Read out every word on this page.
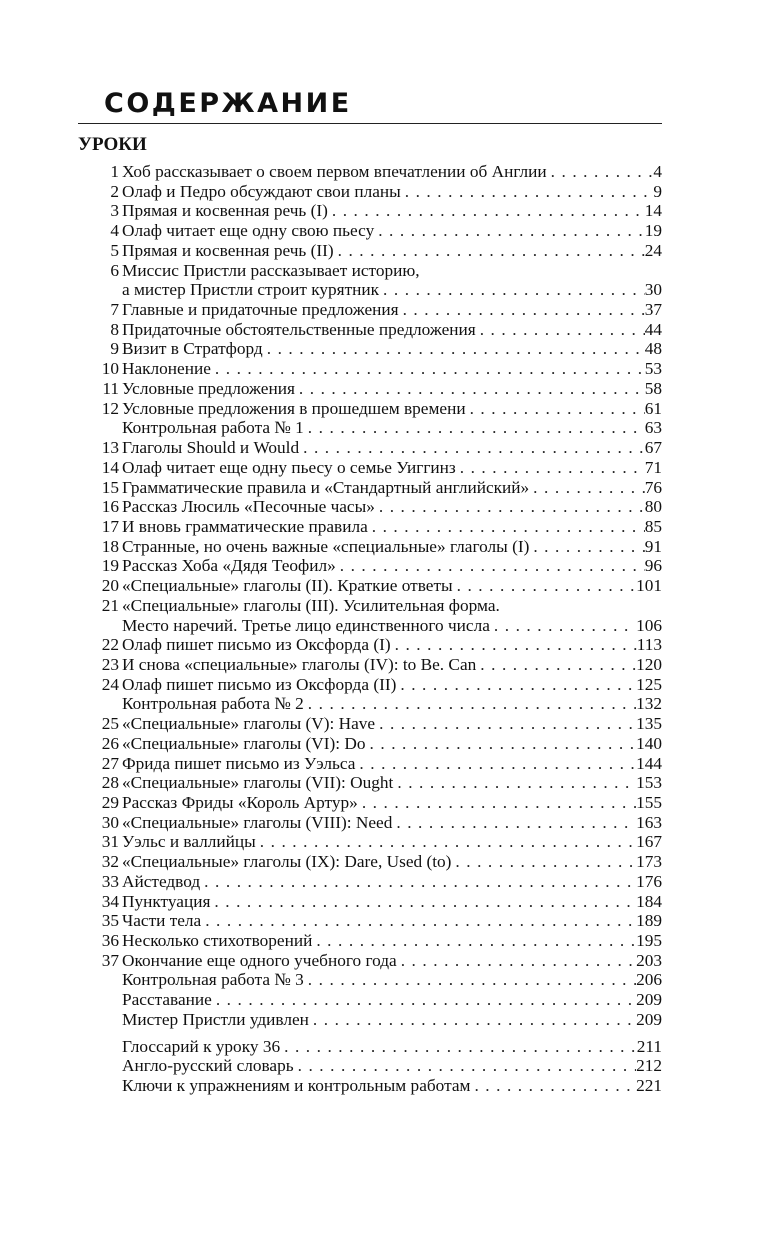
СОДЕРЖАНИЕ
УРОКИ
1 Хоб рассказывает о своем первом впечатлении об Англии . . .	4
2 Олаф и Педро обсуждают свои планы . . .	9
3 Прямая и косвенная речь (I) . . .	14
4 Олаф читает еще одну свою пьесу . . .	19
5 Прямая и косвенная речь (II) . . .	24
6 Миссис Пристли рассказывает историю,
а мистер Пристли строит курятник . . .	30
7 Главные и придаточные предложения . . .	37
8 Придаточные обстоятельственные предложения . . .	44
9 Визит в Стратфорд . . .	48
10 Наклонение . . .	53
11 Условные предложения . . .	58
12 Условные предложения в прошедшем времени . . .	61
Контрольная работа № 1 . . .	63
13 Глаголы Should и Would . . .	67
14 Олаф читает еще одну пьесу о семье Уиггинз . . .	71
15 Грамматические правила и «Стандартный английский» . . .	76
16 Рассказ Люсиль «Песочные часы» . . .	80
17 И вновь грамматические правила . . .	85
18 Странные, но очень важные «специальные» глаголы (I) . . .	91
19 Рассказ Хоба «Дядя Теофил» . . .	96
20 «Специальные» глаголы (II). Краткие ответы . . .	101
21 «Специальные» глаголы (III). Усилительная форма.
Место наречий. Третье лицо единственного числа . . .	106
22 Олаф пишет письмо из Оксфорда (I) . . .	113
23 И снова «специальные» глаголы (IV): to Be. Can . . .	120
24 Олаф пишет письмо из Оксфорда (II) . . .	125
Контрольная работа № 2 . . .	132
25 «Специальные» глаголы (V): Have . . .	135
26 «Специальные» глаголы (VI): Do . . .	140
27 Фрида пишет письмо из Уэльса . . .	144
28 «Специальные» глаголы (VII): Ought . . .	153
29 Рассказ Фриды «Король Артур» . . .	155
30 «Специальные» глаголы (VIII): Need . . .	163
31 Уэльс и валлийцы . . .	167
32 «Специальные» глаголы (IX): Dare, Used (to) . . .	173
33 Айстедвод . . .	176
34 Пунктуация . . .	184
35 Части тела . . .	189
36 Несколько стихотворений . . .	195
37 Окончание еще одного учебного года . . .	203
Контрольная работа № 3 . . .	206
Расставание . . .	209
Мистер Пристли удивлен . . .	209
Глоссарий к уроку 36 . . .	211
Англо-русский словарь . . .	212
Ключи к упражнениям и контрольным работам . . .	221
